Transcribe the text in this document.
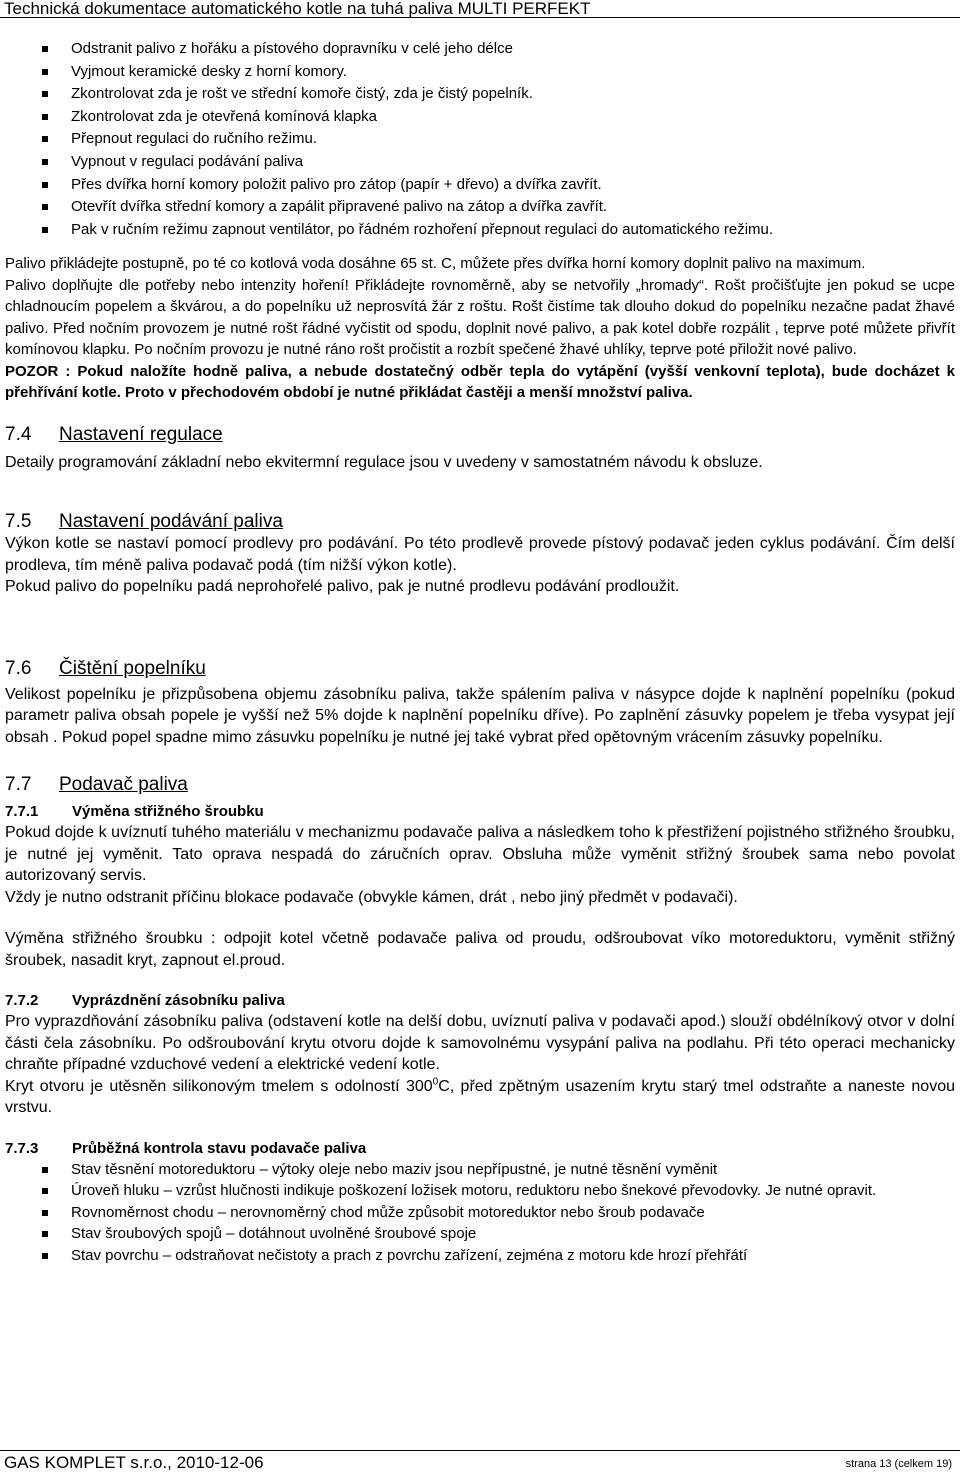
Technická dokumentace automatického kotle na tuhá paliva MULTI PERFEKT
Odstranit palivo z hořáku a pístového dopravníku v celé jeho délce
Vyjmout keramické desky z horní komory.
Zkontrolovat zda je rošt ve střední komoře čistý, zda je čistý popelník.
Zkontrolovat zda je otevřená komínová klapka
Přepnout regulaci do ručního režimu.
Vypnout v regulaci podávání paliva
Přes dvířka horní komory položit palivo pro zátop (papír + dřevo) a dvířka zavřít.
Otevřít dvířka střední komory a zapálit připravené palivo na zátop a dvířka zavřít.
Pak v ručním režimu zapnout ventilátor, po řádném rozhoření přepnout regulaci do automatického režimu.

Palivo přikládejte postupně, po té co kotlová voda dosáhne 65 st. C, můžete přes dvířka horní komory doplnit palivo na maximum.

Palivo doplňujte dle potřeby nebo intenzity hoření! Přikládejte rovnoměrně, aby se netvořily „hromady“. Rošt pročišťujte jen pokud se ucpe chladnoucím popelem a škvárou, a do popelníku už neprosvítá žár z roštu. Rošt čistíme tak dlouho dokud do popelníku nezačne padat žhavé palivo. Před nočním provozem je nutné rošt řádné vyčistit od spodu, doplnit nové palivo, a pak kotel dobře rozpálit , teprve poté můžete přivřít komínovou klapku. Po nočním provozu je nutné ráno rošt pročistit a rozbít spečené žhavé uhlíky, teprve poté přiložit nové palivo.

POZOR : Pokud naložíte hodně paliva, a nebude dostatečný odběr tepla do vytápění (vyšší venkovní teplota), bude docházet k přehřívání kotle. Proto v přechodovém období je nutné přikládat častěji a menší množství paliva.

7.4 Nastavení regulace

Detaily programování základní nebo ekvitermní regulace jsou v uvedeny v samostatném návodu k obsluze.

7.5 Nastavení podávání paliva

Výkon kotle se nastaví pomocí prodlevy pro podávání. Po této prodlevě provede pístový podavač jeden cyklus podávání. Čím delší prodleva, tím méně paliva podavač podá (tím nižší výkon kotle).

Pokud palivo do popelníku padá neprohořelé palivo, pak je nutné prodlevu podávání prodloužit.

7.6 Čištění popelníku

Velikost popelníku je přizpůsobena objemu zásobníku paliva, takže spálením paliva v násypce dojde k naplnění popelníku (pokud parametr paliva obsah popele je vyšší než 5% dojde k naplnění popelníku dříve). Po zaplnění zásuvky popelem je třeba vysypat její obsah . Pokud popel spadne mimo zásuvku popelníku je nutné jej také vybrat před opětovným vrácením zásuvky popelníku.

7.7 Podavač paliva
7.7.1 Výměna střižného šroubku

Pokud dojde k uvíznutí tuhého materiálu v mechanizmu podavače paliva a následkem toho k přestřižení pojistného střižného šroubku, je nutné jej vyměnit. Tato oprava nespadá do záručních oprav. Obsluha může vyměnit střižný šroubek sama nebo povolat autorizovaný servis.

Vždy je nutno odstranit příčinu blokace podavače (obvykle kámen, drát , nebo jiný předmět v podavači).

Výměna střižného šroubku : odpojit kotel včetně podavače paliva od proudu, odšroubovat víko motoreduktoru, vyměnit střižný šroubek, nasadit kryt, zapnout el.proud.

7.7.2 Vyprázdnění zásobníku paliva

Pro vyprazdňování zásobníku paliva (odstavení kotle na delší dobu, uvíznutí paliva v podavači apod.) slouží obdélníkový otvor v dolní části čela zásobníku. Po odšroubování krytu otvoru dojde k samovolnému vysypání paliva na podlahu. Při této operaci mechanicky chraňte případné vzduchové vedení a elektrické vedení kotle.

Kryt otvoru je utěsněn silikonovým tmelem s odolností $300^0C$, před zpětným usazením krytu starý tmel odstraňte a naneste novou vrstvu.

7.7.3 Průběžná kontrola stavu podavače paliva
Stav těsnění motoreduktoru – výtoky oleje nebo maziv jsou nepřípustné, je nutné těsnění vyměnit
Úroveň hluku – vzrůst hlučnosti indikuje poškození ložisek motoru, reduktoru nebo šnekové převodovky. Je nutné opravit.
Rovnoměrnost chodu – nerovnoměrný chod může způsobit motoreduktor nebo šroub podavače
Stav šroubových spojů – dotáhnout uvolněné šroubové spoje
Stav povrchu – odstraňovat nečistoty a prach z povrchu zařízení, zejména z motoru kde hrozí přehřátí
GAS KOMPLET s.r.o., 2010-12-06	strana 13 (celkem 19)
